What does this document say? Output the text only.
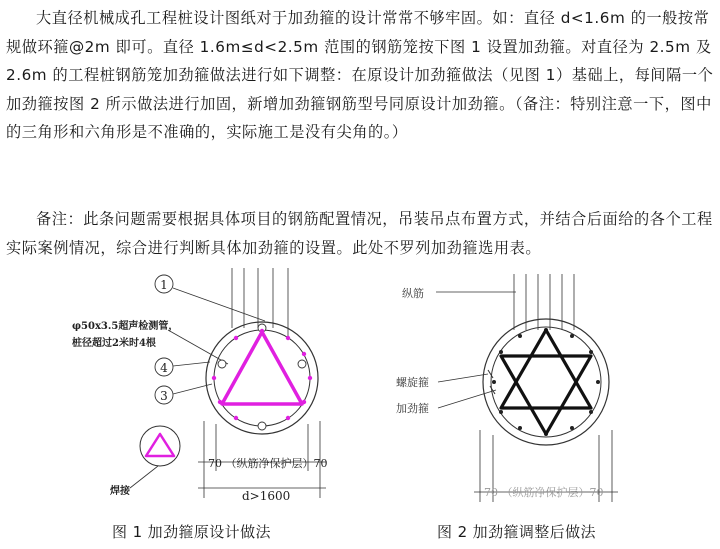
大直径机械成孔工程桩设计图纸对于加劲箍的设计常常不够牢固。如：直径 d<1.6m 的一般按常规做环箍@2m 即可。直径 1.6m≤d<2.5m 范围的钢筋笼按下图 1 设置加劲箍。对直径为 2.5m 及 2.6m 的工程桩钢筋笼加劲箍做法进行如下调整：在原设计加劲箍做法（见图 1）基础上，每间隔一个加劲箍按图 2 所示做法进行加固，新增加劲箍钢筋型号同原设计加劲箍。（备注：特别注意一下，图中的三角形和六角形是不准确的，实际施工是没有尖角的。）

备注：此条问题需要根据具体项目的钢筋配置情况，吊装吊点布置方式，并结合后面给的各个工程实际案例情况，综合进行判断具体加劲箍的设置。此处不罗列加劲箍选用表。

1
4
3
φ50x3.5超声检测管，
桩径超过2米时4根
焊接
70 （纵筋净保护层）70
d>1600
纵筋
螺旋箍
加劲箍
70 （纵筋净保护层）70
图 1 加劲箍原设计做法	图 2 加劲箍调整后做法
